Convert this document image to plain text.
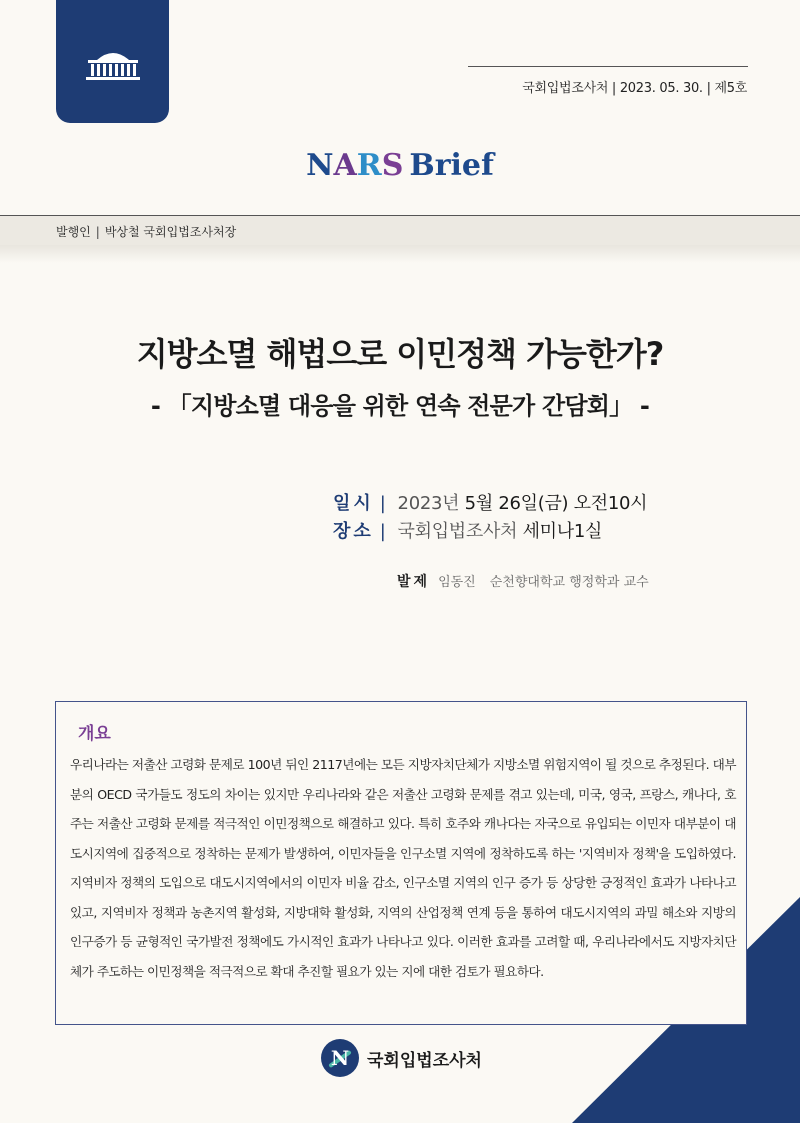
국회입법조사처 | 2023. 05. 30. | 제5호
NARS Brief
발행인 | 박상철 국회입법조사처장
지방소멸 해법으로 이민정책 가능한가?
- 「지방소멸 대응을 위한 연속 전문가 간담회」 -
일시 | 2023년 5월 26일(금) 오전10시
장소 | 국회입법조사처 세미나1실
발제 임동진 순천향대학교 행정학과 교수
개요

우리나라는 저출산 고령화 문제로 100년 뒤인 2117년에는 모든 지방자치단체가 지방소멸 위험지역이 될 것으로 추정된다. 대부분의 OECD 국가들도 정도의 차이는 있지만 우리나라와 같은 저출산 고령화 문제를 겪고 있는데, 미국, 영국, 프랑스, 캐나다, 호주는 저출산 고령화 문제를 적극적인 이민정책으로 해결하고 있다. 특히 호주와 캐나다는 자국으로 유입되는 이민자 대부분이 대도시지역에 집중적으로 정착하는 문제가 발생하여, 이민자들을 인구소멸 지역에 정착하도록 하는 '지역비자 정책'을 도입하였다. 지역비자 정책의 도입으로 대도시지역에서의 이민자 비율 감소, 인구소멸 지역의 인구 증가 등 상당한 긍정적인 효과가 나타나고 있고, 지역비자 정책과 농촌지역 활성화, 지방대학 활성화, 지역의 산업정책 연계 등을 통하여 대도시지역의 과밀 해소와 지방의 인구증가 등 균형적인 국가발전 정책에도 가시적인 효과가 나타나고 있다. 이러한 효과를 고려할 때, 우리나라에서도 지방자치단체가 주도하는 이민정책을 적극적으로 확대 추진할 필요가 있는 지에 대한 검토가 필요하다.

N	국회입법조사처
